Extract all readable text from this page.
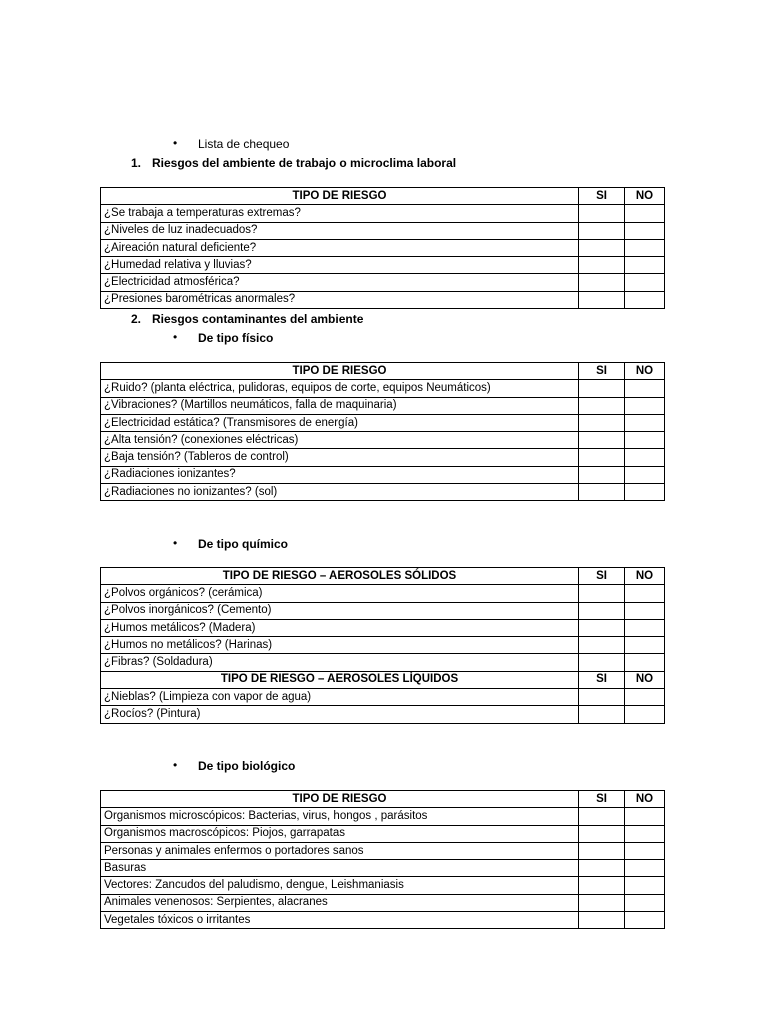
• Lista de chequeo
1. Riesgos del ambiente de trabajo o microclima laboral
TIPO DE RIESGO	SI	NO
¿Se trabaja a temperaturas extremas?		
¿Niveles de luz inadecuados?		
¿Aireación natural deficiente?		
¿Humedad relativa y lluvias?		
¿Electricidad atmosférica?		
¿Presiones barométricas anormales?		
2. Riesgos contaminantes del ambiente
• De tipo físico
TIPO DE RIESGO	SI	NO
¿Ruido? (planta eléctrica, pulidoras, equipos de corte, equipos Neumáticos)		
¿Vibraciones? (Martillos neumáticos, falla de maquinaria)		
¿Electricidad estática? (Transmisores de energía)		
¿Alta tensión? (conexiones eléctricas)		
¿Baja tensión? (Tableros de control)		
¿Radiaciones ionizantes?		
¿Radiaciones no ionizantes? (sol)		
• De tipo químico
TIPO DE RIESGO – AEROSOLES SÓLIDOS	SI	NO
¿Polvos orgánicos? (cerámica)		
¿Polvos inorgánicos? (Cemento)		
¿Humos metálicos? (Madera)		
¿Humos no metálicos? (Harinas)		
¿Fibras? (Soldadura)		
TIPO DE RIESGO – AEROSOLES LÍQUIDOS	SI	NO
¿Nieblas? (Limpieza con vapor de agua)		
¿Rocíos? (Pintura)		
• De tipo biológico
TIPO DE RIESGO	SI	NO
Organismos microscópicos: Bacterias, virus, hongos , parásitos		
Organismos macroscópicos: Piojos, garrapatas		
Personas y animales enfermos o portadores sanos		
Basuras		
Vectores: Zancudos del paludismo, dengue, Leishmaniasis		
Animales venenosos: Serpientes, alacranes		
Vegetales tóxicos o irritantes		
